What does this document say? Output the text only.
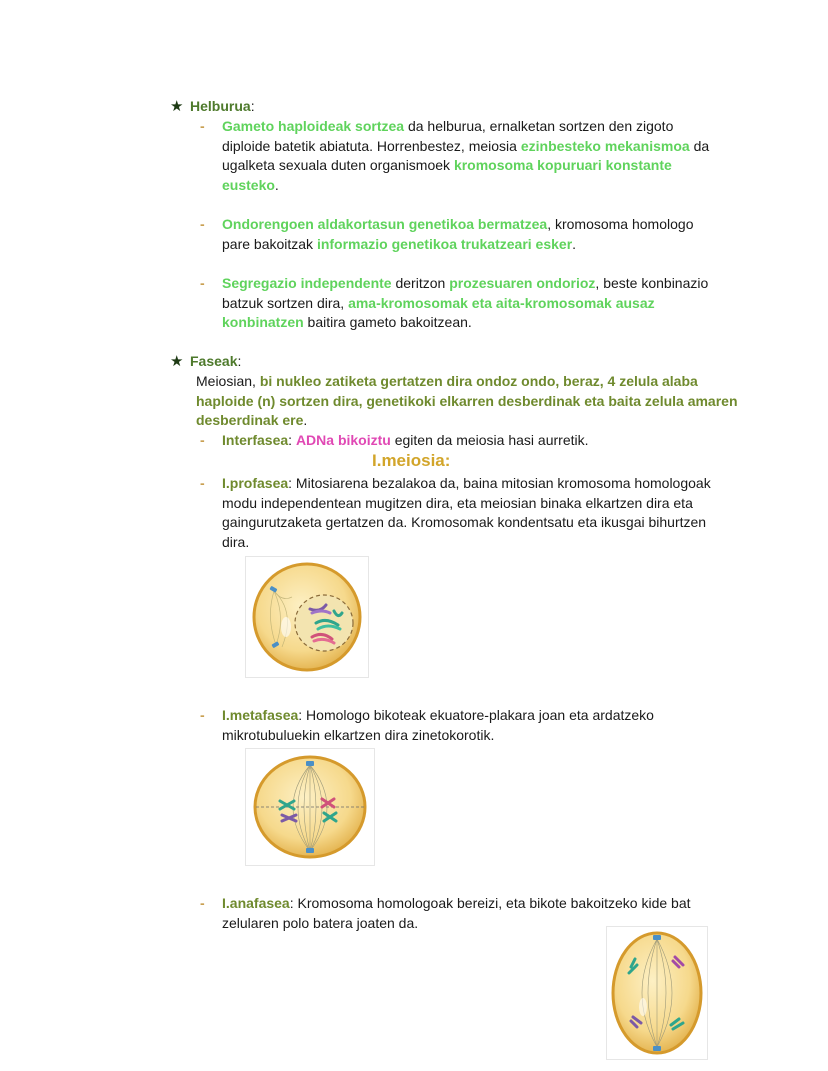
★ Helburua:
- Gameto haploideak sortzea da helburua, ernalketan sortzen den zigoto diploide batetik abiatuta. Horrenbestez, meiosia ezinbesteko mekanismoa da ugalketa sexuala duten organismoek kromosoma kopuruari konstante eusteko.

- Ondorengoen aldakortasun genetikoa bermatzea, kromosoma homologo pare bakoitzak informazio genetikoa trukatzeari esker.

- Segregazio independente deritzon prozesuaren ondorioz, beste konbinazio batzuk sortzen dira, ama-kromosomak eta aita-kromosomak ausaz konbinatzen baitira gameto bakoitzean.

★ Faseak:

Meiosian, bi nukleo zatiketa gertatzen dira ondoz ondo, beraz, 4 zelula alaba haploide (n) sortzen dira, genetikoki elkarren desberdinak eta baita zelula amaren desberdinak ere.

- Interfasea: ADNa bikoiztu egiten da meiosia hasi aurretik.

I.meiosia:
- I.profasea: Mitosiarena bezalakoa da, baina mitosian kromosoma homologoak modu independentean mugitzen dira, eta meiosian binaka elkartzen dira eta gaingurutzaketa gertatzen da. Kromosomak kondentsatu eta ikusgai bihurtzen dira.

- I.metafasea: Homologo bikoteak ekuatore-plakara joan eta ardatzeko mikrotubuluekin elkartzen dira zinetokorotik.

- I.anafasea: Kromosoma homologoak bereizi, eta bikote bakoitzeko kide bat zelularen polo batera joaten da.
